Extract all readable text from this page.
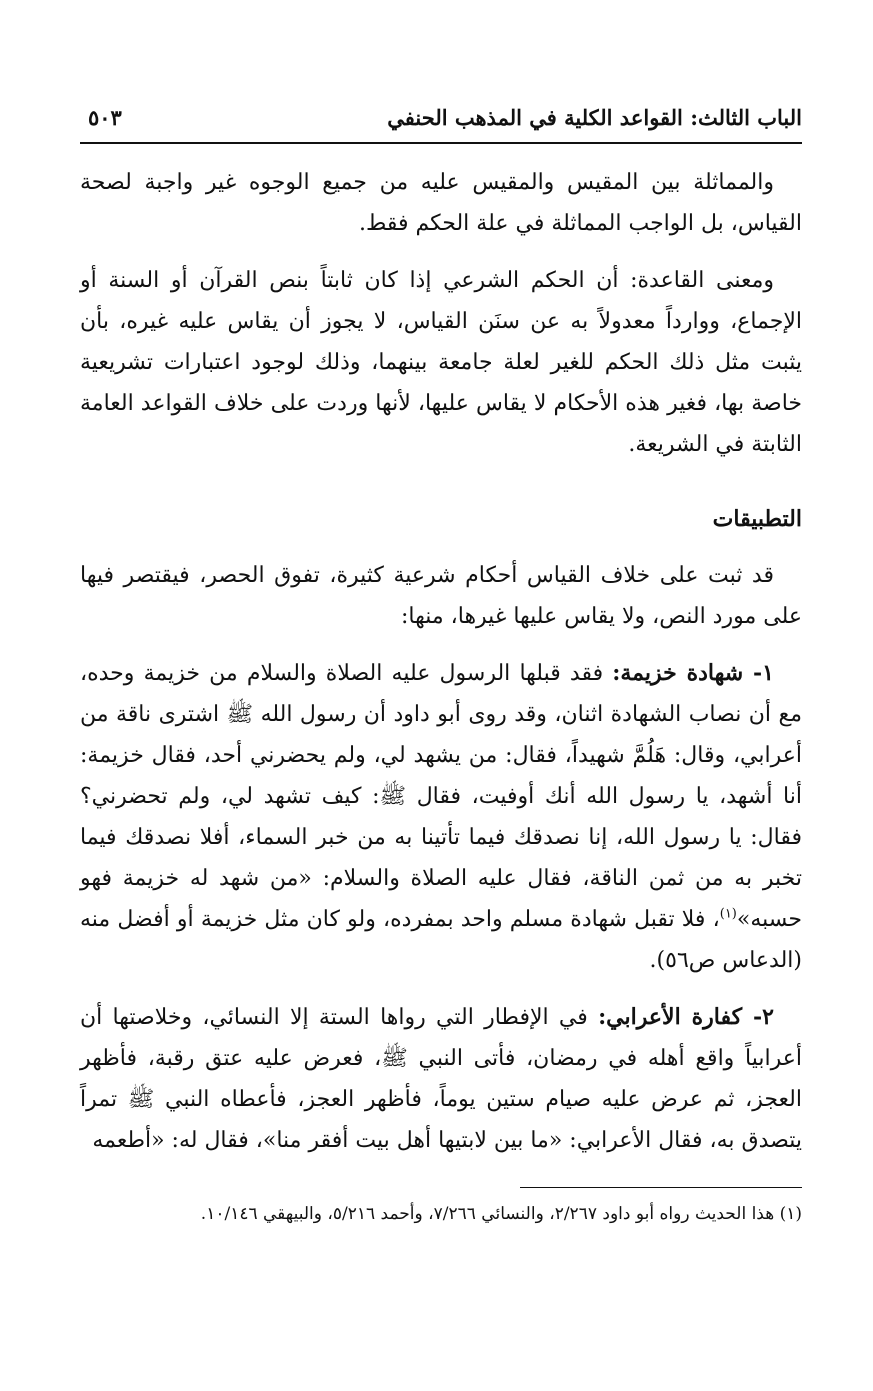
الباب الثالث: القواعد الكلية في المذهب الحنفي
٥٠٣

والمماثلة بين المقيس والمقيس عليه من جميع الوجوه غير واجبة لصحة القياس، بل الواجب المماثلة في علة الحكم فقط.

ومعنى القاعدة: أن الحكم الشرعي إذا كان ثابتاً بنص القرآن أو السنة أو الإجماع، ووارداً معدولاً به عن سنَن القياس، لا يجوز أن يقاس عليه غيره، بأن يثبت مثل ذلك الحكم للغير لعلة جامعة بينهما، وذلك لوجود اعتبارات تشريعية خاصة بها، فغير هذه الأحكام لا يقاس عليها، لأنها وردت على خلاف القواعد العامة الثابتة في الشريعة.

التطبيقات

قد ثبت على خلاف القياس أحكام شرعية كثيرة، تفوق الحصر، فيقتصر فيها على مورد النص، ولا يقاس عليها غيرها، منها:

١- شهادة خزيمة: فقد قبلها الرسول عليه الصلاة والسلام من خزيمة وحده، مع أن نصاب الشهادة اثنان، وقد روى أبو داود أن رسول الله ﷺ اشترى ناقة من أعرابي، وقال: هَلُمَّ شهيداً، فقال: من يشهد لي، ولم يحضرني أحد، فقال خزيمة: أنا أشهد، يا رسول الله أنك أوفيت، فقال ﷺ: كيف تشهد لي، ولم تحضرني؟ فقال: يا رسول الله، إنا نصدقك فيما تأتينا به من خبر السماء، أفلا نصدقك فيما تخبر به من ثمن الناقة، فقال عليه الصلاة والسلام: «من شهد له خزيمة فهو حسبه»$^{(١)}$، فلا تقبل شهادة مسلم واحد بمفرده، ولو كان مثل خزيمة أو أفضل منه (الدعاس ص٥٦).

٢- كفارة الأعرابي: في الإفطار التي رواها الستة إلا النسائي، وخلاصتها أن أعرابياً واقع أهله في رمضان، فأتى النبي ﷺ، فعرض عليه عتق رقبة، فأظهر العجز، ثم عرض عليه صيام ستين يوماً، فأظهر العجز، فأعطاه النبي ﷺ تمراً يتصدق به، فقال الأعرابي: «ما بين لابتيها أهل بيت أفقر منا»، فقال له: «أطعمه

(١) هذا الحديث رواه أبو داود ٢/٢٦٧، والنسائي ٧/٢٦٦، وأحمد ٥/٢١٦، والبيهقي ١٠/١٤٦.
